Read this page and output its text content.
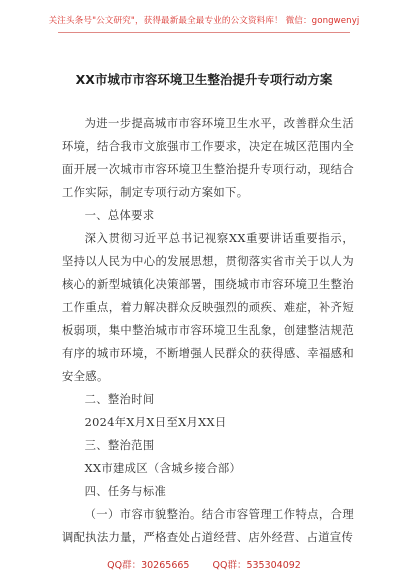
关注头条号"公文研究"，获得最新最全最专业的公文资料库！ 微信：gongwenyj
XX市城市市容环境卫生整治提升专项行动方案

为进一步提高城市市容环境卫生水平，改善群众生活环境，结合我市文旅强市工作要求，决定在城区范围内全面开展一次城市市容环境卫生整治提升专项行动，现结合工作实际，制定专项行动方案如下。

一、总体要求

深入贯彻习近平总书记视察XX重要讲话重要指示，坚持以人民为中心的发展思想，贯彻落实省市关于以人为核心的新型城镇化决策部署，围绕城市市容环境卫生整治工作重点，着力解决群众反映强烈的顽疾、难症，补齐短板弱项，集中整治城市市容环境卫生乱象，创建整洁规范有序的城市环境，不断增强人民群众的获得感、幸福感和安全感。

二、整治时间

2024年X月X日至X月XX日

三、整治范围

XX市建成区（含城乡接合部）

四、任务与标准

（一）市容市貌整治。结合市容管理工作特点，合理调配执法力量，严格查处占道经营、店外经营、占道宣传

QQ群：30265665 QQ群：535304092
